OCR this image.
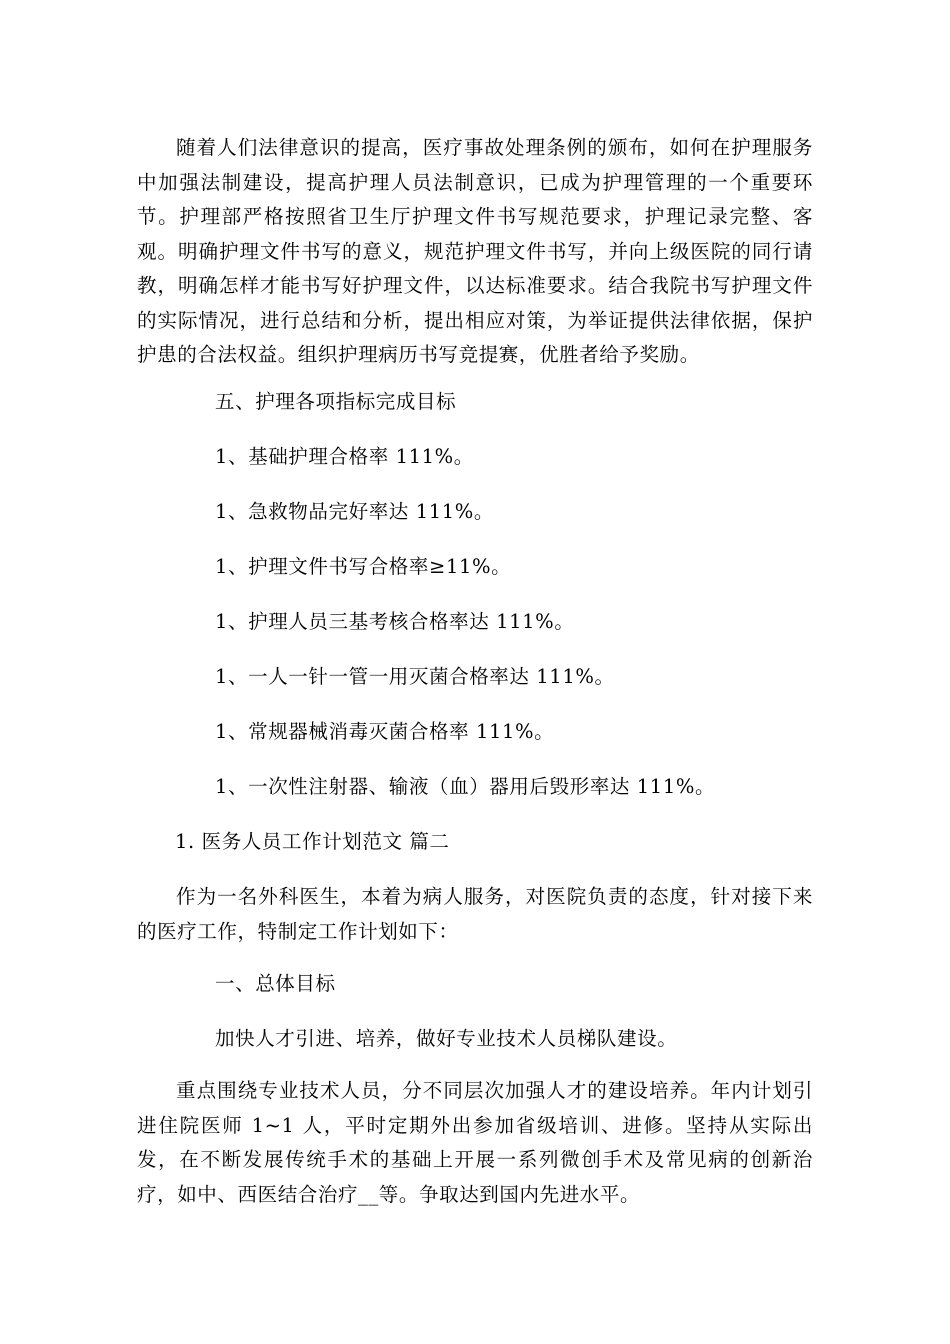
随着人们法律意识的提高，医疗事故处理条例的颁布，如何在护理服务中加强法制建设，提高护理人员法制意识，已成为护理管理的一个重要环节。护理部严格按照省卫生厅护理文件书写规范要求，护理记录完整、客观。明确护理文件书写的意义，规范护理文件书写，并向上级医院的同行请教，明确怎样才能书写好护理文件，以达标准要求。结合我院书写护理文件的实际情况，进行总结和分析，提出相应对策，为举证提供法律依据，保护护患的合法权益。组织护理病历书写竞提赛，优胜者给予奖励。

五、护理各项指标完成目标

1、基础护理合格率 111%。

1、急救物品完好率达 111%。

1、护理文件书写合格率≥11%。

1、护理人员三基考核合格率达 111%。

1、一人一针一管一用灭菌合格率达 111%。

1、常规器械消毒灭菌合格率 111%。

1、一次性注射器、输液（血）器用后毁形率达 111%。

1. 医务人员工作计划范文 篇二

作为一名外科医生，本着为病人服务，对医院负责的态度，针对接下来的医疗工作，特制定工作计划如下：

一、总体目标

加快人才引进、培养，做好专业技术人员梯队建设。

重点围绕专业技术人员，分不同层次加强人才的建设培养。年内计划引进住院医师 1~1 人，平时定期外出参加省级培训、进修。坚持从实际出发，在不断发展传统手术的基础上开展一系列微创手术及常见病的创新治疗，如中、西医结合治疗__等。争取达到国内先进水平。
